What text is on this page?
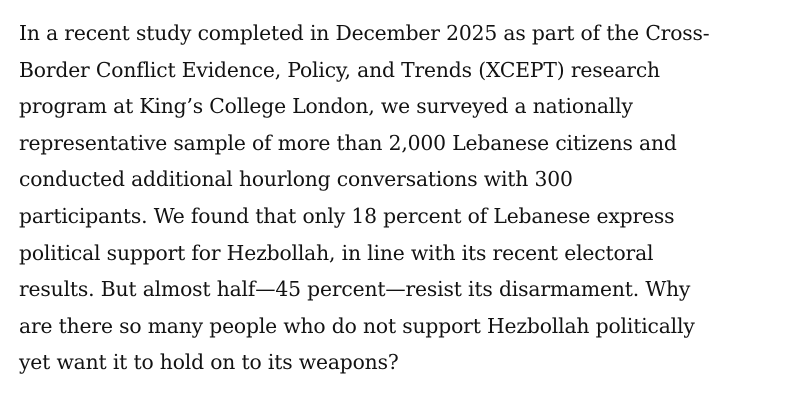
In a recent study completed in December 2025 as part of the Cross-
Border Conflict Evidence, Policy, and Trends (XCEPT) research
program at King’s College London, we surveyed a nationally
representative sample of more than 2,000 Lebanese citizens and
conducted additional hourlong conversations with 300
participants. We found that only 18 percent of Lebanese express
political support for Hezbollah, in line with its recent electoral
results. But almost half—45 percent—resist its disarmament. Why
are there so many people who do not support Hezbollah politically
yet want it to hold on to its weapons?
